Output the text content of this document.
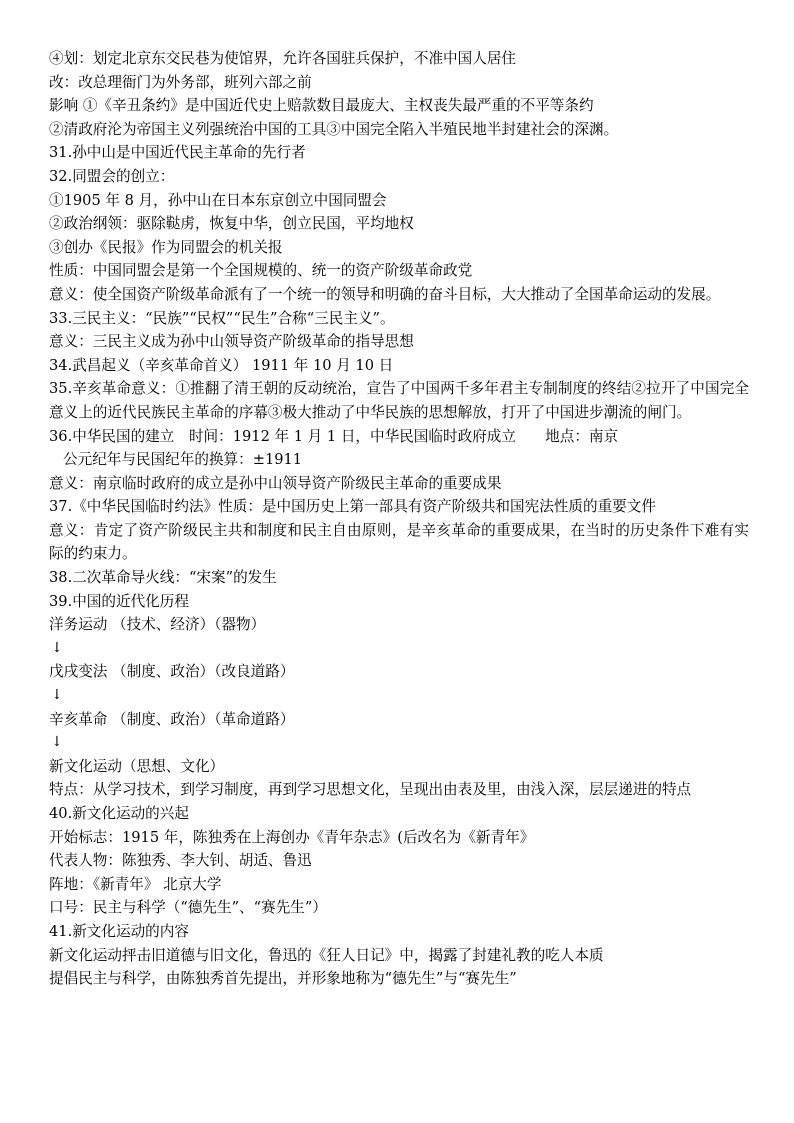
④划：划定北京东交民巷为使馆界，允许各国驻兵保护，不准中国人居住
改：改总理衙门为外务部，班列六部之前
影响 ①《辛丑条约》是中国近代史上赔款数目最庞大、主权丧失最严重的不平等条约
②清政府沦为帝国主义列强统治中国的工具③中国完全陷入半殖民地半封建社会的深渊。
31.孙中山是中国近代民主革命的先行者
32.同盟会的创立：
①1905 年 8 月，孙中山在日本东京创立中国同盟会
②政治纲领：驱除鞑虏，恢复中华，创立民国，平均地权
③创办《民报》作为同盟会的机关报
性质：中国同盟会是第一个全国规模的、统一的资产阶级革命政党
意义：使全国资产阶级革命派有了一个统一的领导和明确的奋斗目标，大大推动了全国革命运动的发展。
33.三民主义：“民族”“民权”“民生”合称“三民主义”。
意义：三民主义成为孙中山领导资产阶级革命的指导思想
34.武昌起义（辛亥革命首义） 1911 年 10 月 10 日
35.辛亥革命意义：①推翻了清王朝的反动统治，宣告了中国两千多年君主专制制度的终结②拉开了中国完全意义上的近代民族民主革命的序幕③极大推动了中华民族的思想解放，打开了中国进步潮流的闸门。
36.中华民国的建立　时间：1912 年 1 月 1 日，中华民国临时政府成立　　地点：南京
公元纪年与民国纪年的换算：±1911
意义：南京临时政府的成立是孙中山领导资产阶级民主革命的重要成果
37.《中华民国临时约法》性质：是中国历史上第一部具有资产阶级共和国宪法性质的重要文件
意义：肯定了资产阶级民主共和制度和民主自由原则，是辛亥革命的重要成果，在当时的历史条件下难有实际的约束力。
38.二次革命导火线：“宋案”的发生
39.中国的近代化历程
洋务运动 （技术、经济）（器物）
↓
戊戌变法 （制度、政治）（改良道路）
↓
辛亥革命 （制度、政治）（革命道路）
↓
新文化运动（思想、文化）
特点：从学习技术，到学习制度，再到学习思想文化，呈现出由表及里，由浅入深，层层递进的特点
40.新文化运动的兴起
开始标志：1915 年，陈独秀在上海创办《青年杂志》(后改名为《新青年》
代表人物：陈独秀、李大钊、胡适、鲁迅
阵地：《新青年》 北京大学
口号：民主与科学（“德先生”、“赛先生”）
41.新文化运动的内容
新文化运动抨击旧道德与旧文化，鲁迅的《狂人日记》中，揭露了封建礼教的吃人本质
提倡民主与科学，由陈独秀首先提出，并形象地称为“德先生”与“赛先生”
